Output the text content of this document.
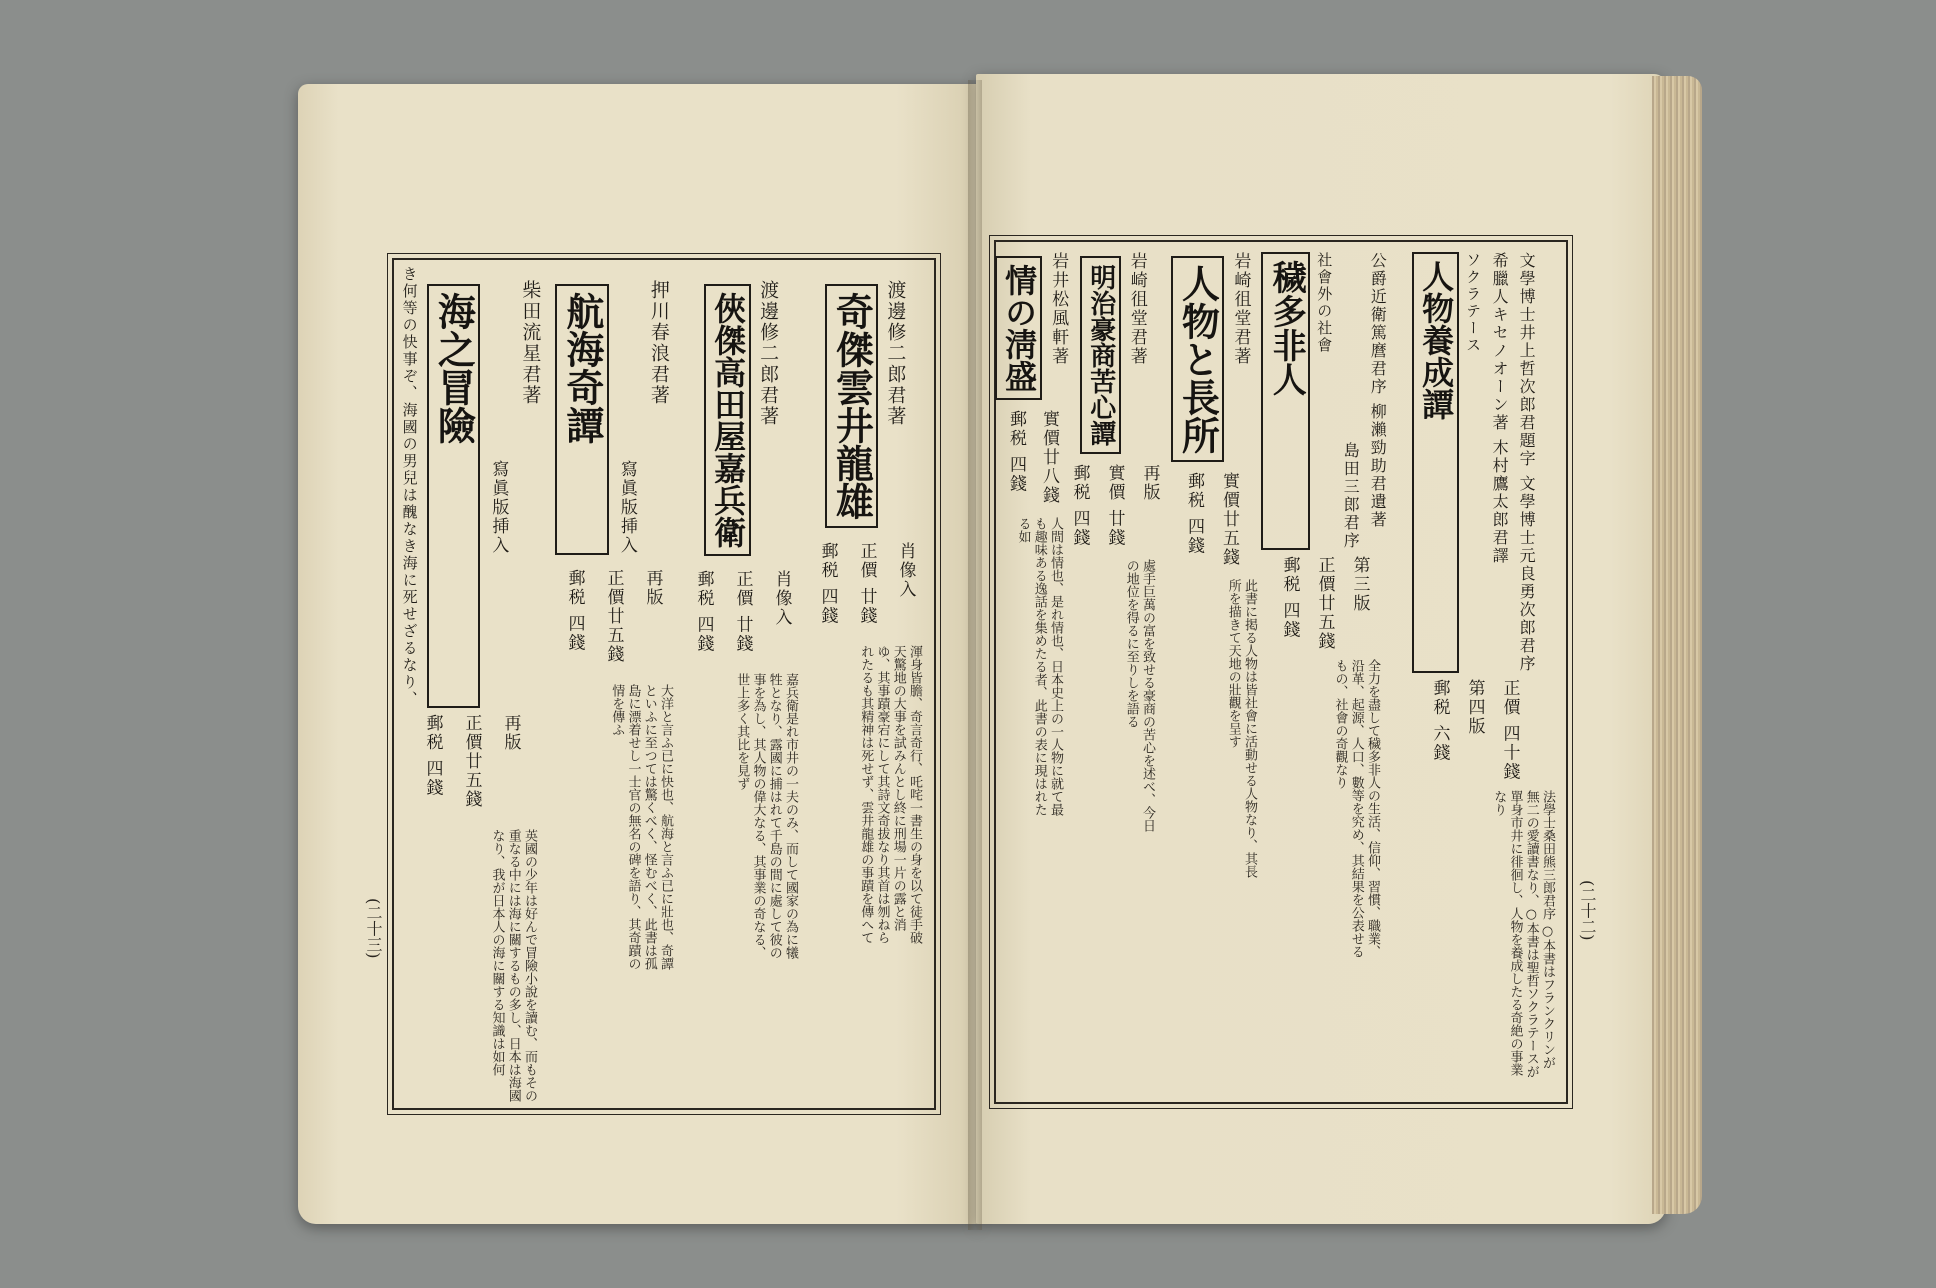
渡邊修二郎君著
奇傑雲井龍雄
肖像入
正價 廿錢
郵税 四錢
渾身皆膽、奇言奇行、吒咤一書生の身を以て徒手破天驚地の大事を試みんとし終に刑場一片の露と消ゆ、其事蹟豪宕にして其詩文奇拔なり其首は刎ねられたるも其精神は死せず、雲井龍雄の事蹟を傳へて
渡邊修二郎君著
俠傑高田屋嘉兵衛
肖像入
正價 廿錢
郵税 四錢
嘉兵衛是れ市井の一夫のみ、而して國家の為に犧牲となり、露國に捕はれて千島の間に處して彼の事を為し、其人物の偉大なる、其事業の奇なる、世上多く其比を見ず
押川春浪君著
寫眞版挿入
航海奇譚
再版
正價廿五錢
郵税 四錢
大洋と言ふ已に快也、航海と言ふ已に壯也、奇譚といふに至つては驚くべく、怪むべく、此書は孤島に漂着せし一士官の無名の碑を語り、其奇蹟の情を傳ふ
柴田流星君著
寫眞版挿入
海之冒險
き何等の快事ぞ、海國の男兒は醜なき海に死せざるなり、
再版
正價廿五錢
郵税 四錢
英國の少年は好んで冒險小說を讀む、而もその重なる中には海に關するもの多し、日本は海國なり、我が日本人の海に關する知識は如何
(二十三)
文學博士井上哲次郎君題字 文學博士元良勇次郎君序
希臘人キセノオーン著 木村鷹太郎君譯
ソクラテース
人物養成譚
正價 四十錢
第四版
郵税 六錢
法學士桑田熊三郎君序 ○本書はフランクリンが無二の愛讀書なり、○本書は聖哲ソクラテースが單身市井に徘徊し、人物を養成したる奇絶の事業なり
公爵近衛篤麿君序 柳瀨勁助君遺著
島田三郎君序
社會外の社會
穢多非人
第三版
正價廿五錢
郵税 四錢
全力を盡して穢多非人の生活、信仰、習慣、職業、沿革、起源、人口、數等を究め、其結果を公表せるもの、社會の奇觀なり
岩崎徂堂君著
人物と長所
實價廿五錢
郵税 四錢
此書に掲る人物は皆社會に活動せる人物なり、其長所を描きて天地の壯觀を呈す
岩崎徂堂君著
明治豪商苦心譚
再版
實價 廿錢
郵税 四錢
處手巨萬の富を致せる豪商の苦心を述べ、今日の地位を得るに至りしを語る
岩井松風軒著
情の淸盛
實價廿八錢
郵税 四錢
人間は情也、是れ情也、日本史上の一人物に就て最も趣味ある逸話を集めたる者、此書の表に現はれたる如
(二十二)
